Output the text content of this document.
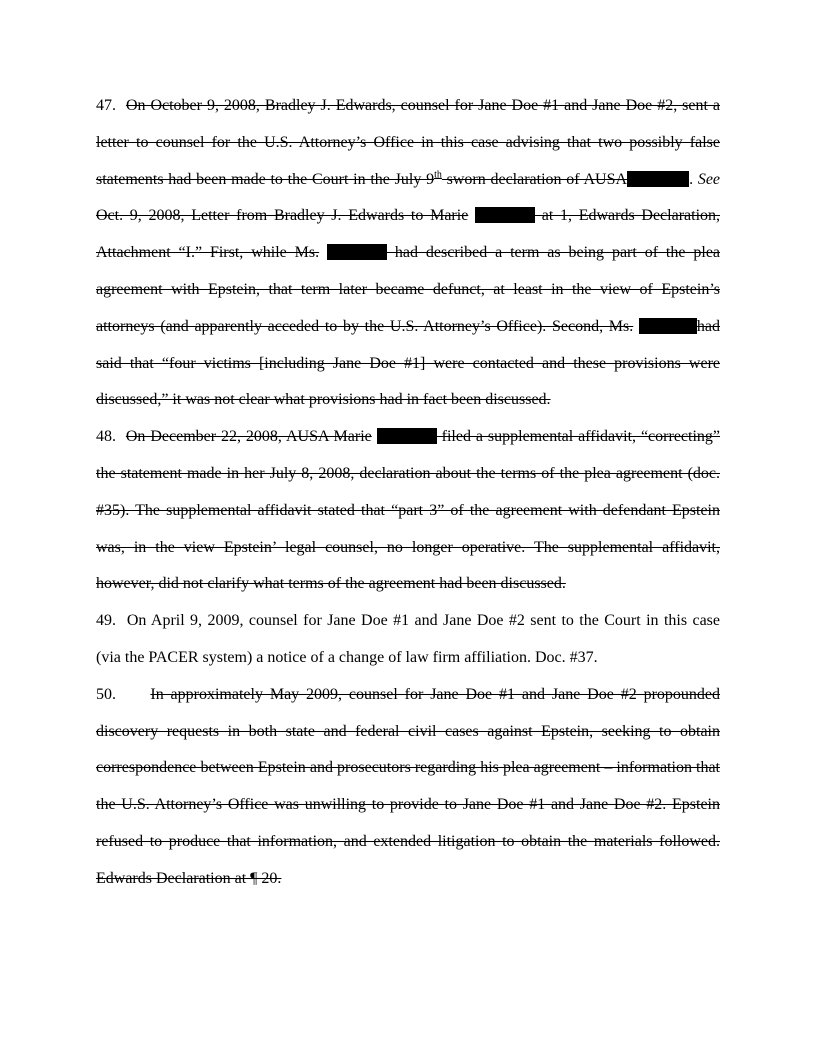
47. On October 9, 2008, Bradley J. Edwards, counsel for Jane Doe #1 and Jane Doe #2, sent a
letter to counsel for the U.S. Attorney’s Office in this case advising that two possibly false
statements had been made to the Court in the July 9th sworn declaration of AUSA	. See
Oct. 9, 2008, Letter from Bradley J. Edwards to Marie	at 1, Edwards Declaration,
Attachment “I.” First, while Ms.	had described a term as being part of the plea
agreement with Epstein, that term later became defunct, at least in the view of Epstein’s
attorneys (and apparently acceded to by the U.S. Attorney’s Office). Second, Ms.	had
said that “four victims [including Jane Doe #1] were contacted and these provisions were
discussed,” it was not clear what provisions had in fact been discussed.
48. On December 22, 2008, AUSA Marie	filed a supplemental affidavit, “correcting”
the statement made in her July 8, 2008, declaration about the terms of the plea agreement (doc.
#35). The supplemental affidavit stated that “part 3” of the agreement with defendant Epstein
was, in the view Epstein’ legal counsel, no longer operative. The supplemental affidavit,
however, did not clarify what terms of the agreement had been discussed.
49. On April 9, 2009, counsel for Jane Doe #1 and Jane Doe #2 sent to the Court in this case
(via the PACER system) a notice of a change of law firm affiliation. Doc. #37.
50. In approximately May 2009, counsel for Jane Doe #1 and Jane Doe #2 propounded
discovery requests in both state and federal civil cases against Epstein, seeking to obtain
correspondence between Epstein and prosecutors regarding his plea agreement – information that
the U.S. Attorney’s Office was unwilling to provide to Jane Doe #1 and Jane Doe #2. Epstein
refused to produce that information, and extended litigation to obtain the materials followed.
Edwards Declaration at ¶ 20.
